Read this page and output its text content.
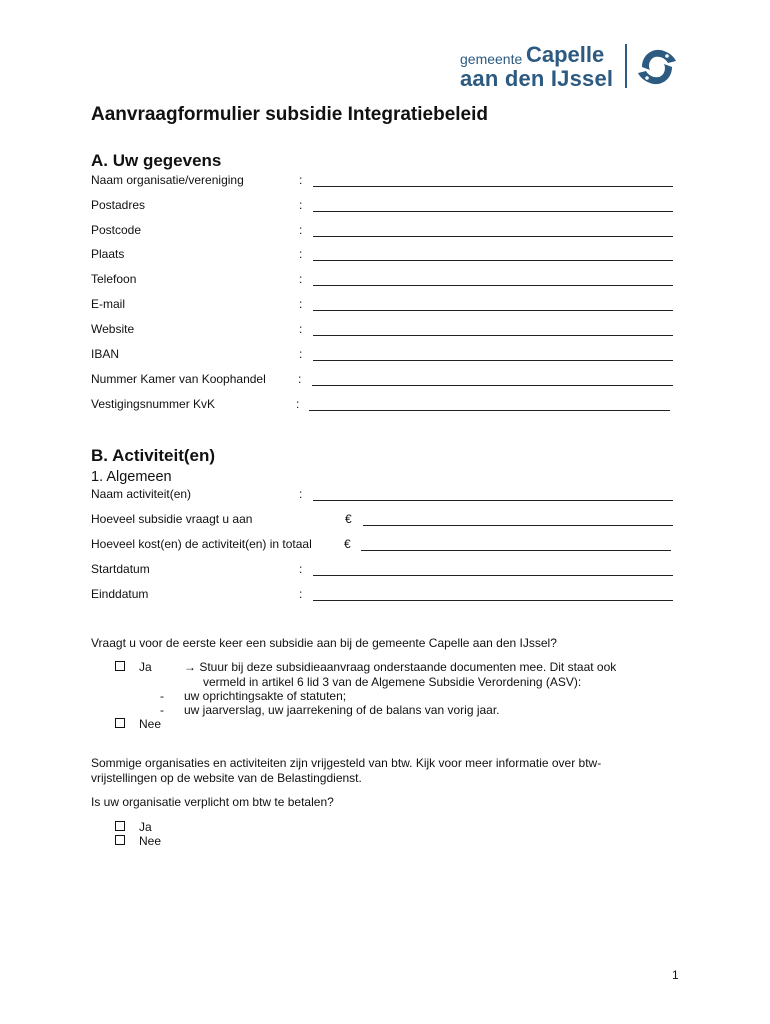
gemeente Capelle
aan den IJssel
Aanvraagformulier subsidie Integratiebeleid
A. Uw gegevens
Naam organisatie/vereniging	:
Postadres	:
Postcode	:
Plaats	:
Telefoon	:
E-mail	:
Website	:
IBAN	:
Nummer Kamer van Koophandel	:
Vestigingsnummer KvK	:
B. Activiteit(en)
1. Algemeen
Naam activiteit(en)	:
Hoeveel subsidie vraagt u aan	€
Hoeveel kost(en) de activiteit(en) in totaal	€
Startdatum	:
Einddatum	:
Vraagt u voor de eerste keer een subsidie aan bij de gemeente Capelle aan den IJssel?
Ja	→ Stuur bij deze subsidieaanvraag onderstaande documenten mee. Dit staat ook
vermeld in artikel 6 lid 3 van de Algemene Subsidie Verordening (ASV):
- uw oprichtingsakte of statuten;
- uw jaarverslag, uw jaarrekening of de balans van vorig jaar.
Nee
Sommige organisaties en activiteiten zijn vrijgesteld van btw. Kijk voor meer informatie over btw-
vrijstellingen op de website van de Belastingdienst.
Is uw organisatie verplicht om btw te betalen?
Ja
Nee
1
